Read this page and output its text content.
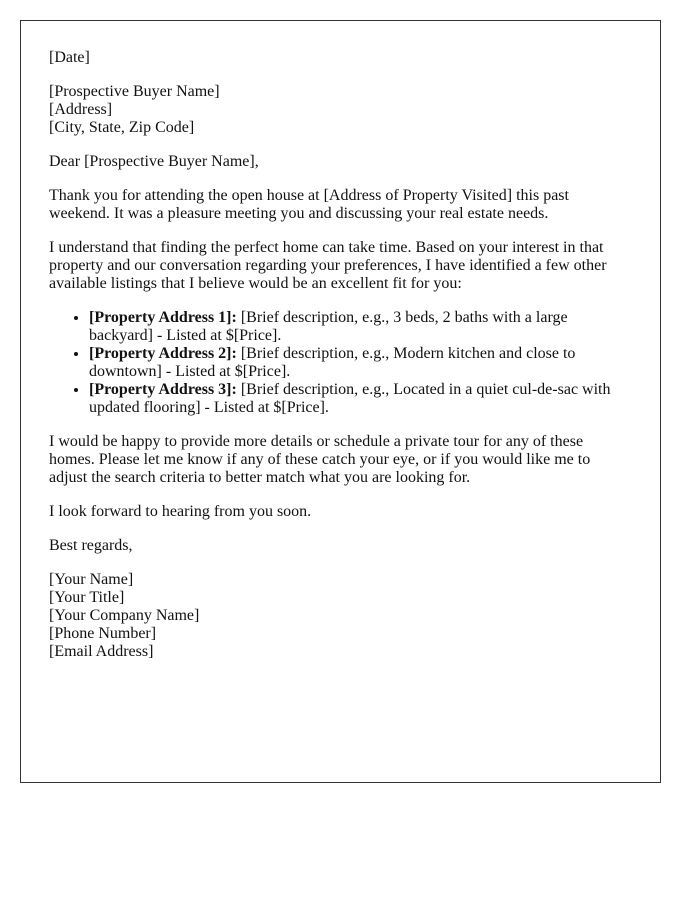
[Date]

[Prospective Buyer Name]
[Address]
[City, State, Zip Code]

Dear [Prospective Buyer Name],

Thank you for attending the open house at [Address of Property Visited] this past weekend. It was a pleasure meeting you and discussing your real estate needs.

I understand that finding the perfect home can take time. Based on your interest in that property and our conversation regarding your preferences, I have identified a few other available listings that I believe would be an excellent fit for you:

• [Property Address 1]: [Brief description, e.g., 3 beds, 2 baths with a large backyard] - Listed at $[Price].
• [Property Address 2]: [Brief description, e.g., Modern kitchen and close to downtown] - Listed at $[Price].
• [Property Address 3]: [Brief description, e.g., Located in a quiet cul-de-sac with updated flooring] - Listed at $[Price].

I would be happy to provide more details or schedule a private tour for any of these homes. Please let me know if any of these catch your eye, or if you would like me to adjust the search criteria to better match what you are looking for.

I look forward to hearing from you soon.

Best regards,

[Your Name]
[Your Title]
[Your Company Name]
[Phone Number]
[Email Address]
